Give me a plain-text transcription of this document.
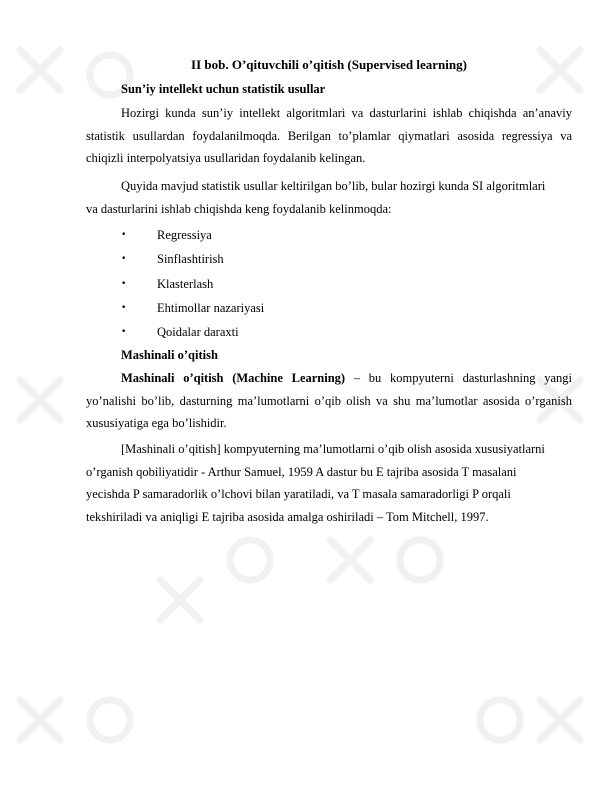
II bob. O’qituvchili o’qitish (Supervised learning)
Sun’iy intellekt uchun statistik usullar

Hozirgi kunda sun’iy intellekt algoritmlari va dasturlarini ishlab chiqishda an’anaviy statistik usullardan foydalanilmoqda. Berilgan to’plamlar qiymatlari asosida regressiya va chiqizli interpolyatsiya usullaridan foydalanib kelingan.

Quyida mavjud statistik usullar keltirilgan bo’lib, bular hozirgi kunda SI algoritmlari va dasturlarini ishlab chiqishda keng foydalanib kelinmoqda:

• Regressiya
• Sinflashtirish
• Klasterlash
• Ehtimollar nazariyasi
• Qoidalar daraxti
Mashinali o’qitish

Mashinali o’qitish (Machine Learning) – bu kompyuterni dasturlashning yangi yo’nalishi bo’lib, dasturning ma’lumotlarni o’qib olish va shu ma’lumotlar asosida o’rganish xususiyatiga ega bo’lishidir.

[Mashinali o’qitish] kompyuterning ma’lumotlarni o’qib olish asosida xususiyatlarni o’rganish qobiliyatidir - Arthur Samuel, 1959 A dastur bu E tajriba asosida T masalani yecishda P samaradorlik o’lchovi bilan yaratiladi, va T masala samaradorligi P orqali tekshiriladi va aniqligi E tajriba asosida amalga oshiriladi – Tom Mitchell, 1997.
